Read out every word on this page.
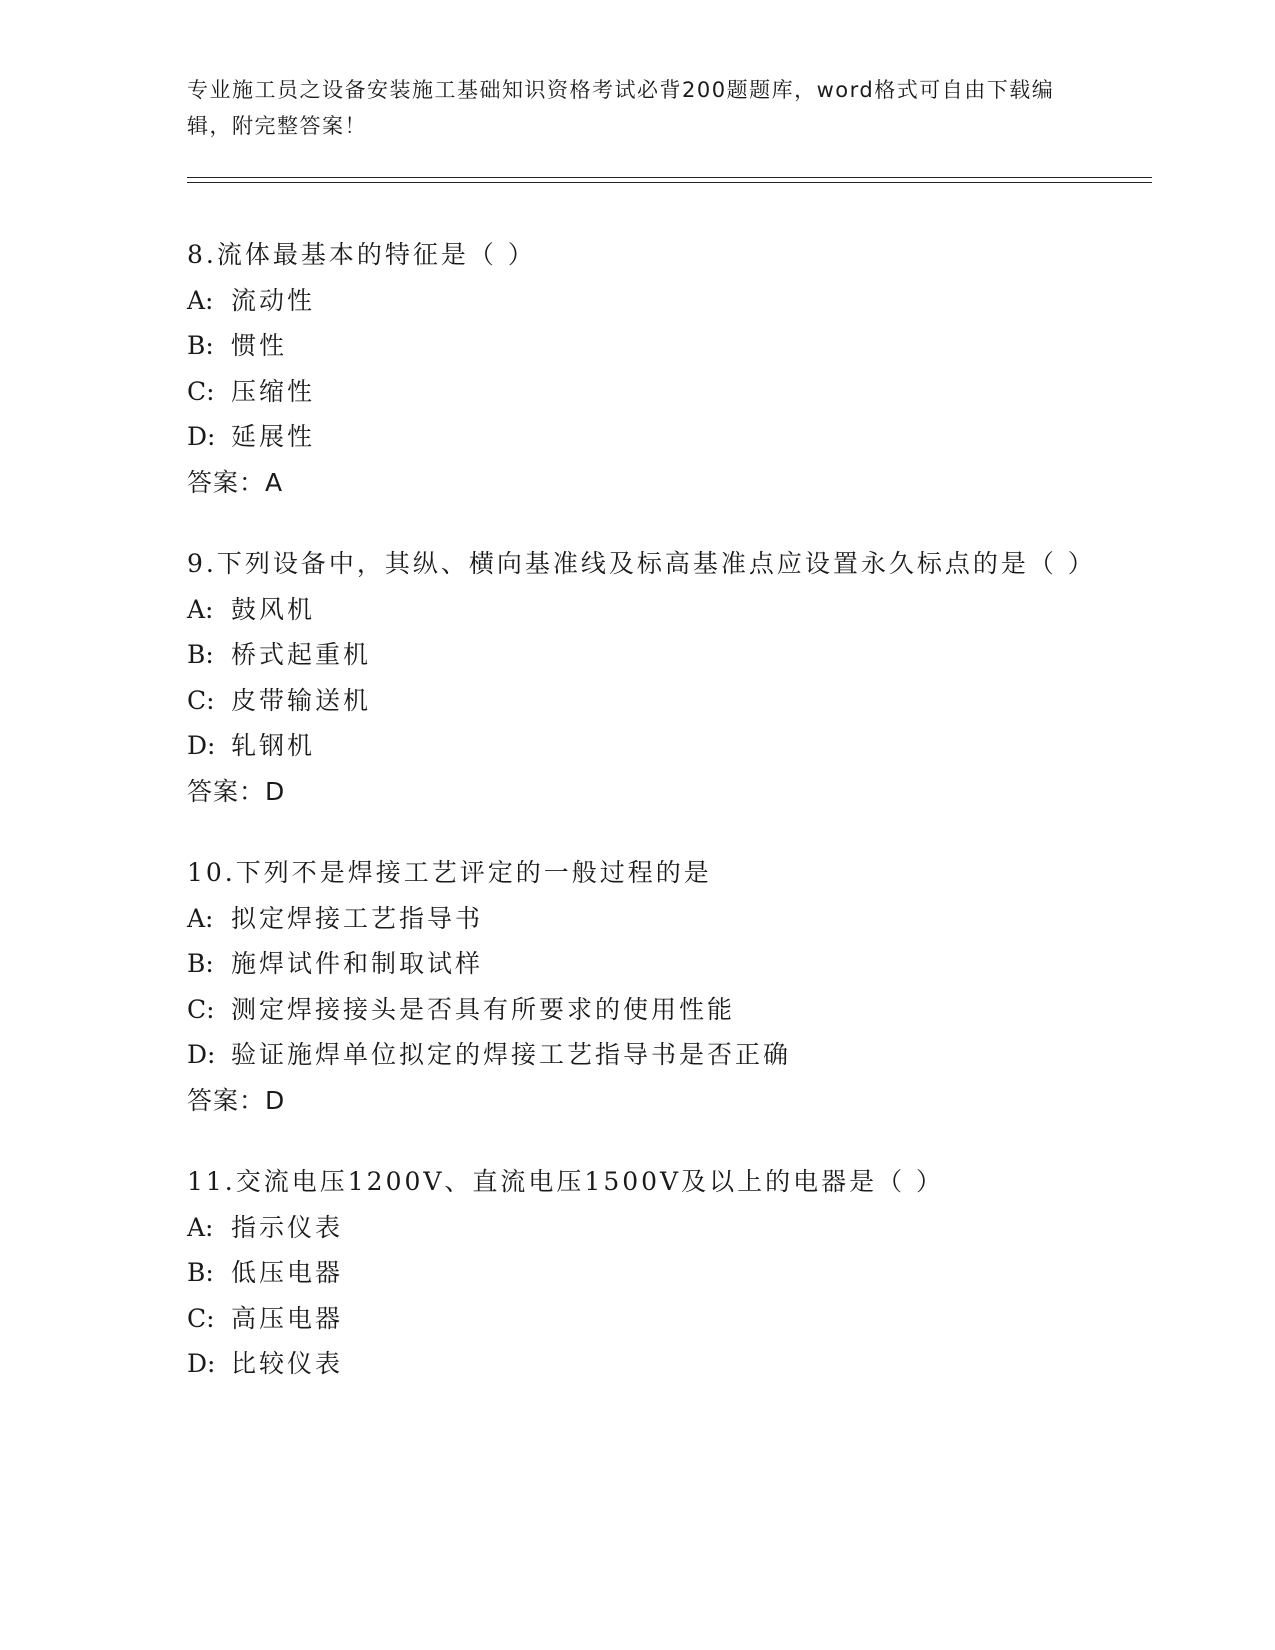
专业施工员之设备安装施工基础知识资格考试必背200题题库，word格式可自由下载编辑，附完整答案！

8.流体最基本的特征是（ ）

A: 流动性

B: 惯性

C: 压缩性

D: 延展性

答案：A

9.下列设备中，其纵、横向基准线及标高基准点应设置永久标点的是（ ）

A: 鼓风机

B: 桥式起重机

C: 皮带输送机

D: 轧钢机

答案：D

10.下列不是焊接工艺评定的一般过程的是

A: 拟定焊接工艺指导书

B: 施焊试件和制取试样

C: 测定焊接接头是否具有所要求的使用性能

D: 验证施焊单位拟定的焊接工艺指导书是否正确

答案：D

11.交流电压1200V、直流电压1500V及以上的电器是（ ）

A: 指示仪表

B: 低压电器

C: 高压电器

D: 比较仪表
